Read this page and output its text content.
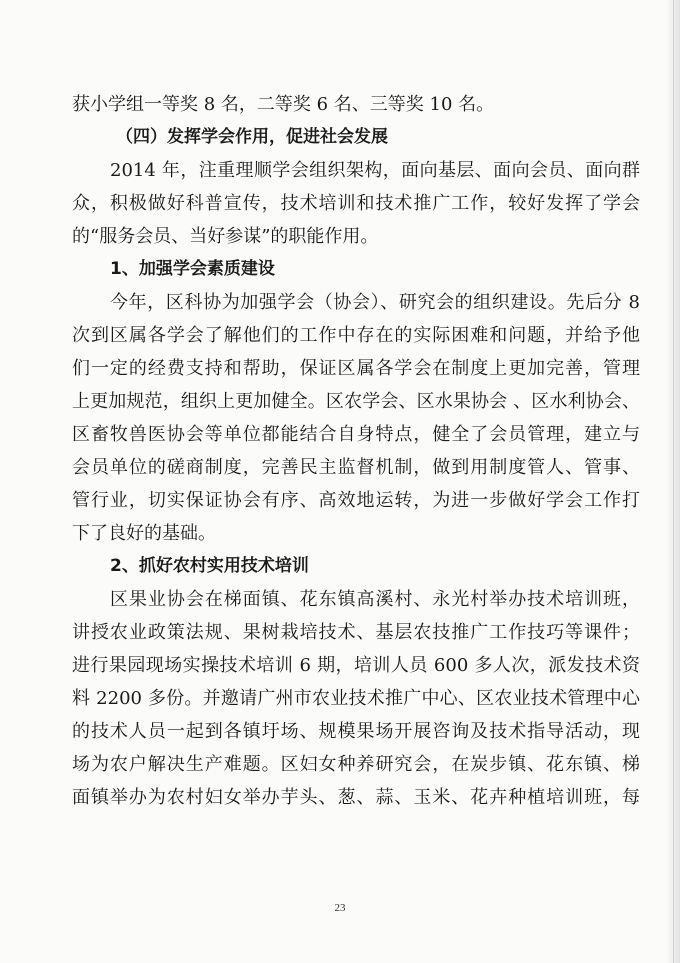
获小学组一等奖 8 名，二等奖 6 名、三等奖 10 名。
（四）发挥学会作用，促进社会发展
2014 年，注重理顺学会组织架构，面向基层、面向会员、面向群
众，积极做好科普宣传，技术培训和技术推广工作，较好发挥了学会
的“服务会员、当好参谋”的职能作用。
1、加强学会素质建设
今年，区科协为加强学会（协会）、研究会的组织建设。先后分 8
次到区属各学会了解他们的工作中存在的实际困难和问题，并给予他
们一定的经费支持和帮助，保证区属各学会在制度上更加完善，管理
上更加规范，组织上更加健全。区农学会、区水果协会 、区水利协会、
区畜牧兽医协会等单位都能结合自身特点，健全了会员管理，建立与
会员单位的磋商制度，完善民主监督机制，做到用制度管人、管事、
管行业，切实保证协会有序、高效地运转，为进一步做好学会工作打
下了良好的基础。
2、抓好农村实用技术培训
区果业协会在梯面镇、花东镇高溪村、永光村举办技术培训班，
讲授农业政策法规、果树栽培技术、基层农技推广工作技巧等课件；
进行果园现场实操技术培训 6 期，培训人员 600 多人次，派发技术资
料 2200 多份。并邀请广州市农业技术推广中心、区农业技术管理中心
的技术人员一起到各镇圩场、规模果场开展咨询及技术指导活动，现
场为农户解决生产难题。区妇女种养研究会，在炭步镇、花东镇、梯
面镇举办为农村妇女举办芋头、葱、蒜、玉米、花卉种植培训班，每
23
